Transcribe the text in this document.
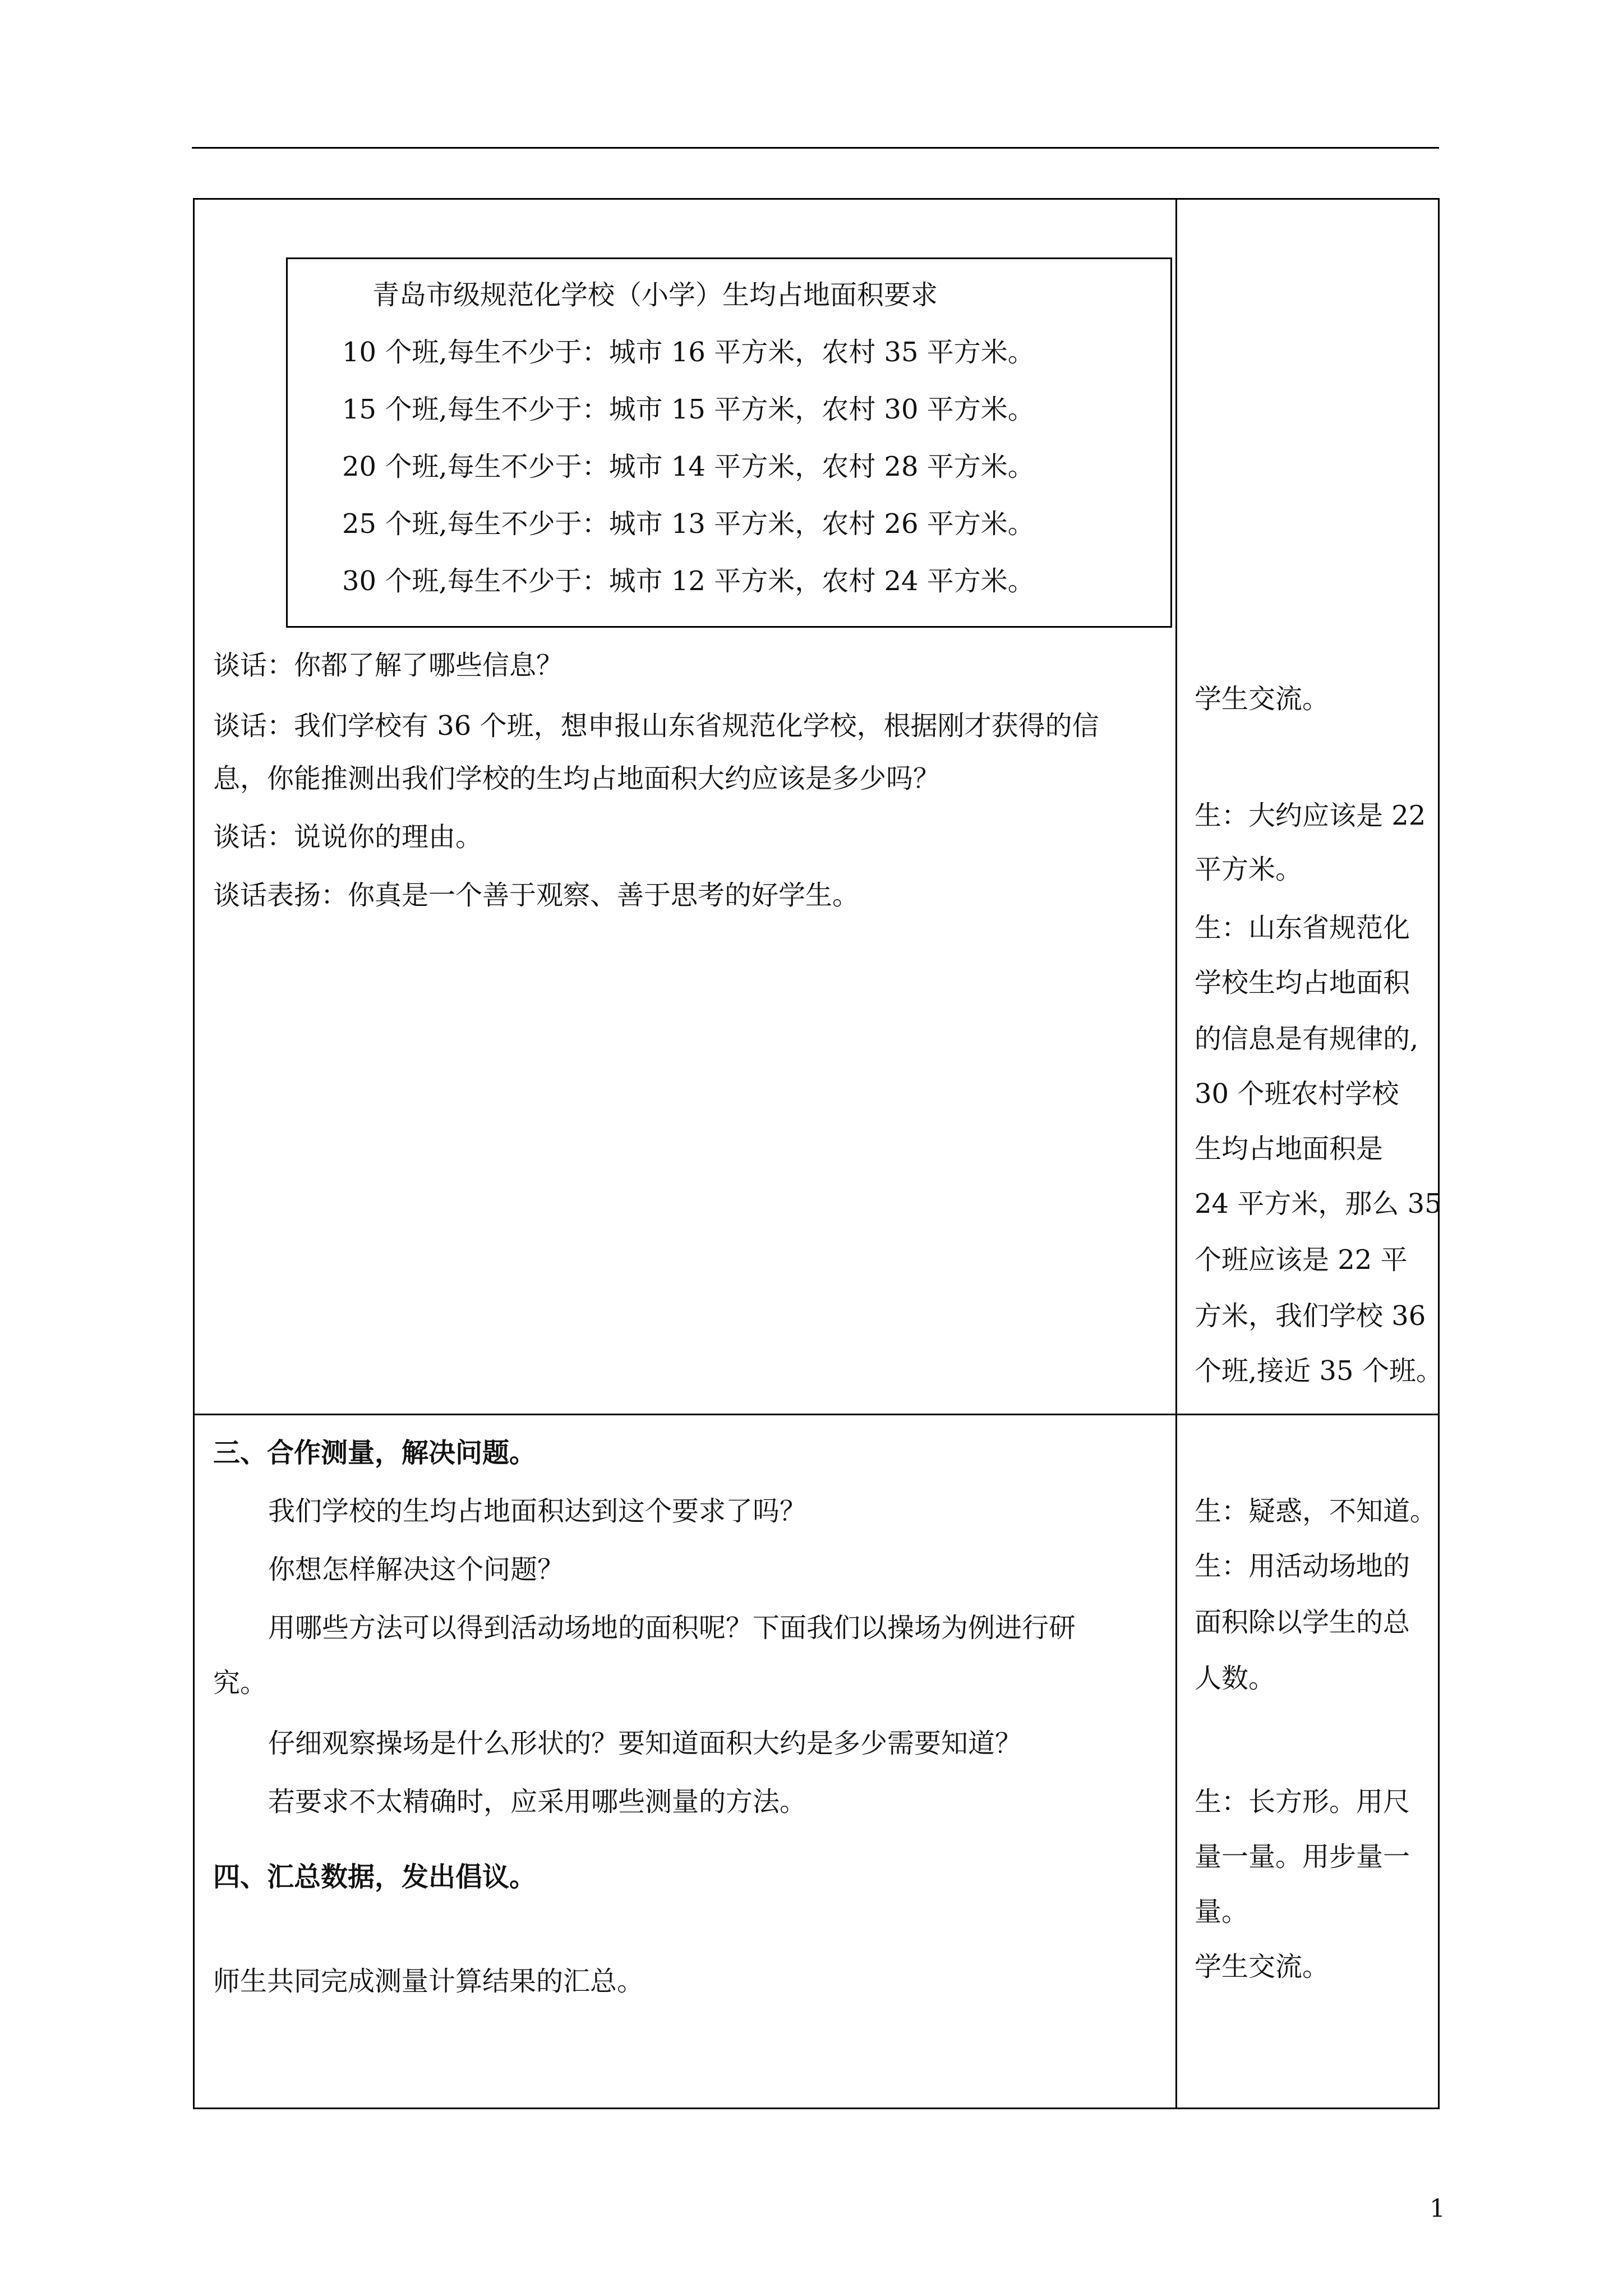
青岛市级规范化学校（小学）生均占地面积要求
10 个班,每生不少于：城市 16 平方米，农村 35 平方米。
15 个班,每生不少于：城市 15 平方米，农村 30 平方米。
20 个班,每生不少于：城市 14 平方米，农村 28 平方米。
25 个班,每生不少于：城市 13 平方米，农村 26 平方米。
30 个班,每生不少于：城市 12 平方米，农村 24 平方米。
谈话：你都了解了哪些信息？
谈话：我们学校有 36 个班，想申报山东省规范化学校，根据刚才获得的信
息，你能推测出我们学校的生均占地面积大约应该是多少吗？
谈话：说说你的理由。
谈话表扬：你真是一个善于观察、善于思考的好学生。
学生交流。
生：大约应该是 22
平方米。
生：山东省规范化
学校生均占地面积
的信息是有规律的,
30 个班农村学校
生均占地面积是
24 平方米，那么 35
个班应该是 22 平
方米，我们学校 36
个班,接近 35 个班。
三、合作测量，解决问题。
我们学校的生均占地面积达到这个要求了吗？
你想怎样解决这个问题？
用哪些方法可以得到活动场地的面积呢？下面我们以操场为例进行研
究。
仔细观察操场是什么形状的？要知道面积大约是多少需要知道？
若要求不太精确时，应采用哪些测量的方法。
四、汇总数据，发出倡议。
师生共同完成测量计算结果的汇总。
生：疑惑，不知道。
生：用活动场地的
面积除以学生的总
人数。
生：长方形。用尺
量一量。用步量一
量。
学生交流。
1
